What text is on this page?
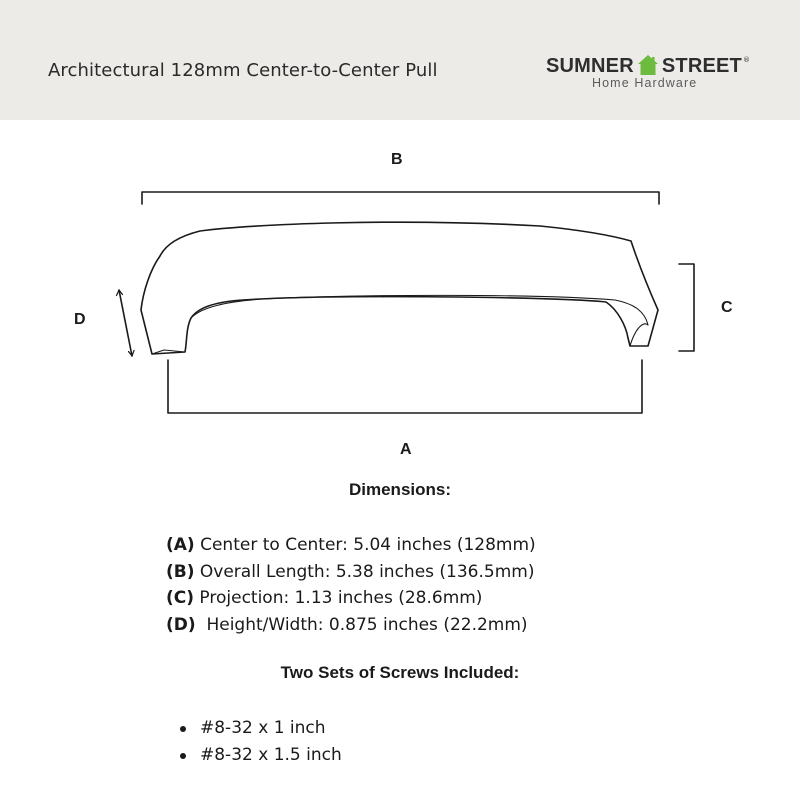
Architectural 128mm Center-to-Center Pull	SUMNER STREET ®
Home Hardware
B
A
C
D
Dimensions:
(A) Center to Center: 5.04 inches (128mm)
(B) Overall Length: 5.38 inches (136.5mm)
(C) Projection: 1.13 inches (28.6mm)
(D)  Height/Width: 0.875 inches (22.2mm)
Two Sets of Screws Included:
#8-32 x 1 inch
#8-32 x 1.5 inch
